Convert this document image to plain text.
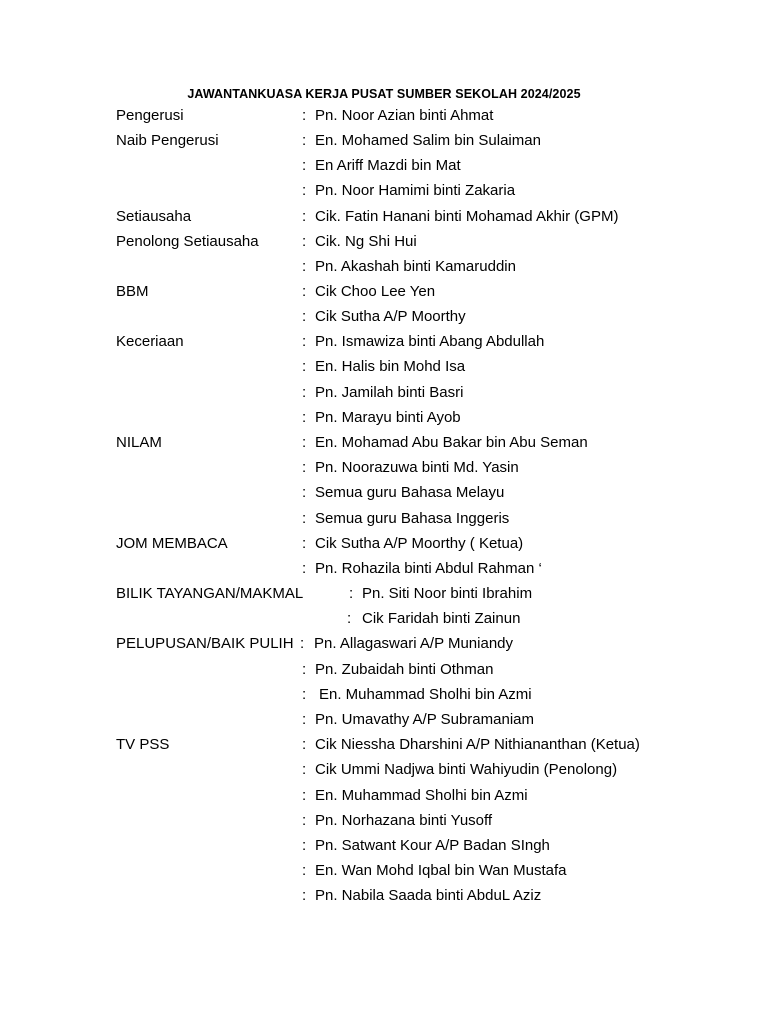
JAWANTANKUASA KERJA PUSAT SUMBER SEKOLAH 2024/2025
Pengerusi	: Pn. Noor Azian binti Ahmat
Naib Pengerusi	: En. Mohamed Salim bin Sulaiman
: En Ariff Mazdi bin Mat
: Pn. Noor Hamimi binti Zakaria
Setiausaha	: Cik. Fatin Hanani binti Mohamad Akhir (GPM)
Penolong Setiausaha	: Cik. Ng Shi Hui
: Pn. Akashah binti Kamaruddin
BBM	: Cik Choo Lee Yen
: Cik Sutha A/P Moorthy
Keceriaan	: Pn. Ismawiza binti Abang Abdullah
: En. Halis bin Mohd Isa
: Pn. Jamilah binti Basri
: Pn. Marayu binti Ayob
NILAM	: En. Mohamad Abu Bakar bin Abu Seman
: Pn. Noorazuwa binti Md. Yasin
: Semua guru Bahasa Melayu
: Semua guru Bahasa Inggeris
JOM MEMBACA	: Cik Sutha A/P Moorthy ( Ketua)
: Pn. Rohazila binti Abdul Rahman ‘
BILIK TAYANGAN/MAKMAL	: Pn. Siti Noor binti Ibrahim
: Cik Faridah binti Zainun
PELUPUSAN/BAIK PULIH : Pn. Allagaswari A/P Muniandy
: Pn. Zubaidah binti Othman
: En. Muhammad Sholhi bin Azmi
: Pn. Umavathy A/P Subramaniam
TV PSS	: Cik Niessha Dharshini A/P Nithiananthan (Ketua)
: Cik Ummi Nadjwa binti Wahiyudin (Penolong)
: En. Muhammad Sholhi bin Azmi
: Pn. Norhazana binti Yusoff
: Pn. Satwant Kour A/P Badan SIngh
: En. Wan Mohd Iqbal bin Wan Mustafa
: Pn. Nabila Saada binti AbduL Aziz
